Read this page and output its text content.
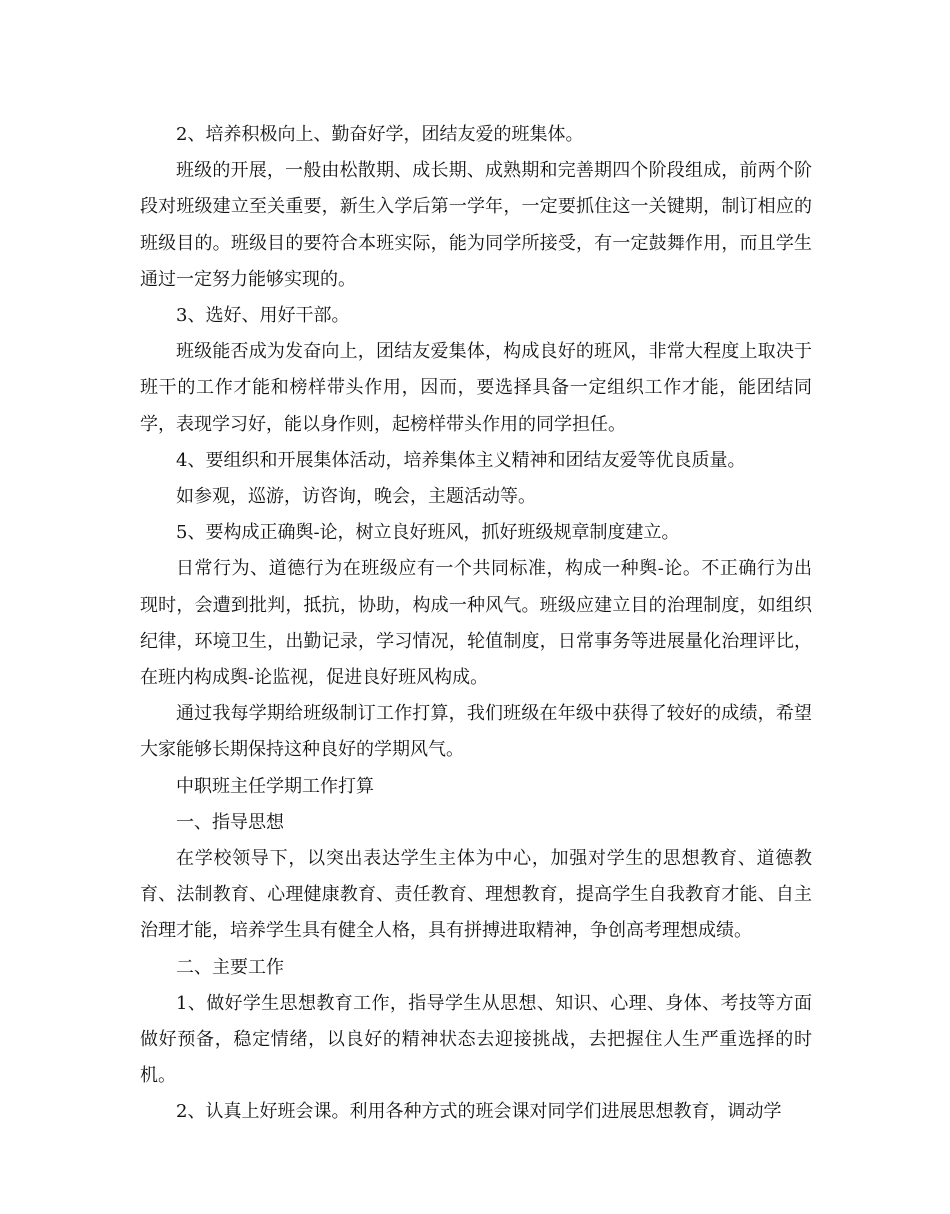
2、培养积极向上、勤奋好学，团结友爱的班集体。

班级的开展，一般由松散期、成长期、成熟期和完善期四个阶段组成，前两个阶段对班级建立至关重要，新生入学后第一学年，一定要抓住这一关键期，制订相应的班级目的。班级目的要符合本班实际，能为同学所接受，有一定鼓舞作用，而且学生通过一定努力能够实现的。

3、选好、用好干部。

班级能否成为发奋向上，团结友爱集体，构成良好的班风，非常大程度上取决于班干的工作才能和榜样带头作用，因而，要选择具备一定组织工作才能，能团结同学，表现学习好，能以身作则，起榜样带头作用的同学担任。

4、要组织和开展集体活动，培养集体主义精神和团结友爱等优良质量。

如参观，巡游，访咨询，晚会，主题活动等。

5、要构成正确舆-论，树立良好班风，抓好班级规章制度建立。

日常行为、道德行为在班级应有一个共同标准，构成一种舆-论。不正确行为出现时，会遭到批判，抵抗，协助，构成一种风气。班级应建立目的治理制度，如组织纪律，环境卫生，出勤记录，学习情况，轮值制度，日常事务等进展量化治理评比，在班内构成舆-论监视，促进良好班风构成。

通过我每学期给班级制订工作打算，我们班级在年级中获得了较好的成绩，希望大家能够长期保持这种良好的学期风气。

中职班主任学期工作打算

一、指导思想

在学校领导下，以突出表达学生主体为中心，加强对学生的思想教育、道德教育、法制教育、心理健康教育、责任教育、理想教育，提高学生自我教育才能、自主治理才能，培养学生具有健全人格，具有拼搏进取精神，争创高考理想成绩。

二、主要工作

1、做好学生思想教育工作，指导学生从思想、知识、心理、身体、考技等方面做好预备，稳定情绪，以良好的精神状态去迎接挑战，去把握住人生严重选择的时机。

2、认真上好班会课。利用各种方式的班会课对同学们进展思想教育，调动学
